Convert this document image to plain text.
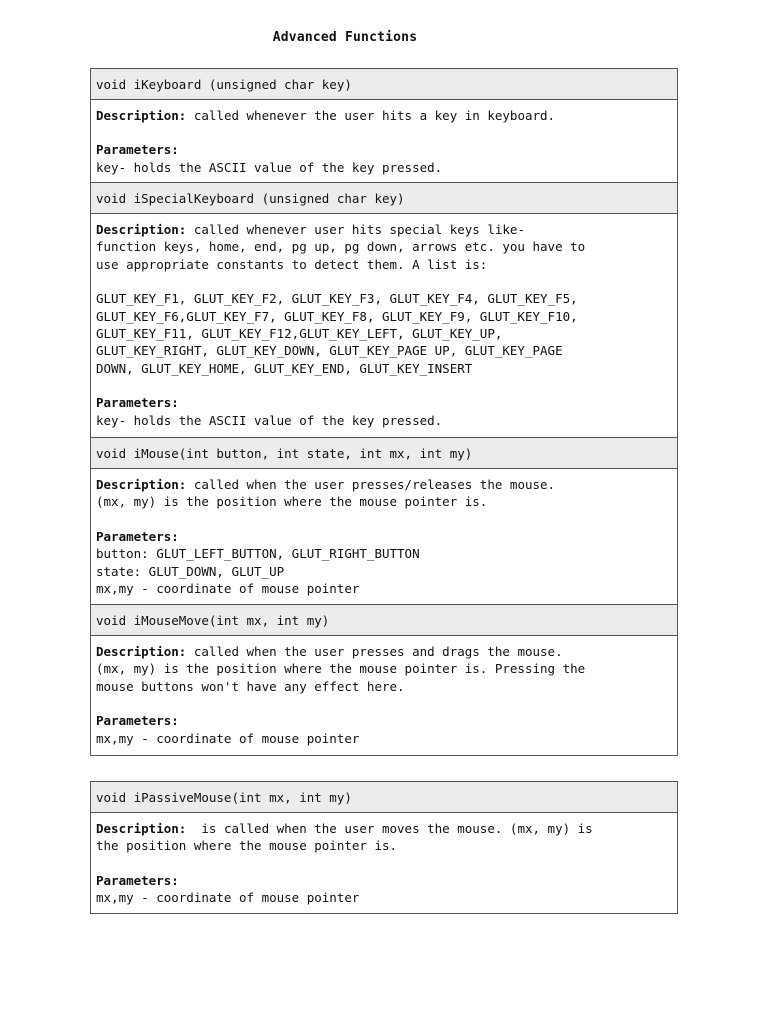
Advanced Functions
void iKeyboard (unsigned char key)
Description: called whenever the user hits a key in keyboard.

Parameters:
key- holds the ASCII value of the key pressed.
void iSpecialKeyboard (unsigned char key)
Description: called whenever user hits special keys like-
function keys, home, end, pg up, pg down, arrows etc. you have to
use appropriate constants to detect them. A list is:

GLUT_KEY_F1, GLUT_KEY_F2, GLUT_KEY_F3, GLUT_KEY_F4, GLUT_KEY_F5,
GLUT_KEY_F6,GLUT_KEY_F7, GLUT_KEY_F8, GLUT_KEY_F9, GLUT_KEY_F10,
GLUT_KEY_F11, GLUT_KEY_F12,GLUT_KEY_LEFT, GLUT_KEY_UP,
GLUT_KEY_RIGHT, GLUT_KEY_DOWN, GLUT_KEY_PAGE UP, GLUT_KEY_PAGE
DOWN, GLUT_KEY_HOME, GLUT_KEY_END, GLUT_KEY_INSERT

Parameters:
key- holds the ASCII value of the key pressed.
void iMouse(int button, int state, int mx, int my)
Description: called when the user presses/releases the mouse.
(mx, my) is the position where the mouse pointer is.

Parameters:
button: GLUT_LEFT_BUTTON, GLUT_RIGHT_BUTTON
state: GLUT_DOWN, GLUT_UP
mx,my - coordinate of mouse pointer
void iMouseMove(int mx, int my)
Description: called when the user presses and drags the mouse.
(mx, my) is the position where the mouse pointer is. Pressing the
mouse buttons won't have any effect here.

Parameters:
mx,my - coordinate of mouse pointer
void iPassiveMouse(int mx, int my)
Description:  is called when the user moves the mouse. (mx, my) is
the position where the mouse pointer is.

Parameters:
mx,my - coordinate of mouse pointer
